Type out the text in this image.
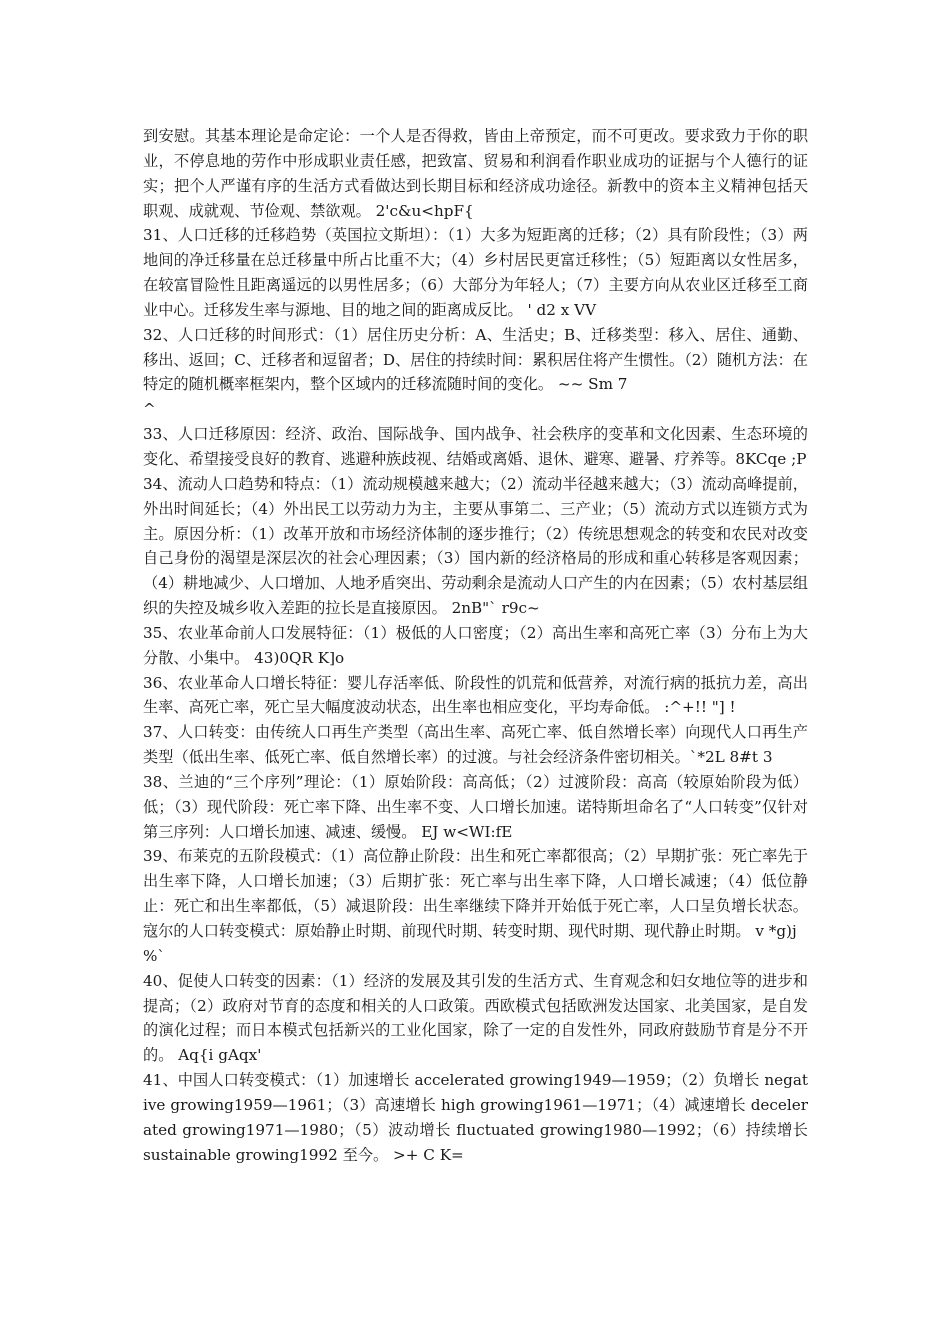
到安慰。其基本理论是命定论：一个人是否得救，皆由上帝预定，而不可更改。要求致力于你的职业，不停息地的劳作中形成职业责任感，把致富、贸易和利润看作职业成功的证据与个人德行的证实；把个人严谨有序的生活方式看做达到长期目标和经济成功途径。新教中的资本主义精神包括天职观、成就观、节俭观、禁欲观。 2'c&u<hpF{

31、人口迁移的迁移趋势（英国拉文斯坦）：（1）大多为短距离的迁移；（2）具有阶段性；（3）两地间的净迁移量在总迁移量中所占比重不大；（4）乡村居民更富迁移性；（5）短距离以女性居多，在较富冒险性且距离遥远的以男性居多；（6）大部分为年轻人；（7）主要方向从农业区迁移至工商业中心。迁移发生率与源地、目的地之间的距离成反比。 ' d2 x VV

32、人口迁移的时间形式：（1）居住历史分析：A、生活史；B、迁移类型：移入、居住、通勤、移出、返回；C、迁移者和逗留者；D、居住的持续时间：累积居住将产生惯性。（2）随机方法：在特定的随机概率框架内，整个区域内的迁移流随时间的变化。 ~~ Sm 7

^

33、人口迁移原因：经济、政治、国际战争、国内战争、社会秩序的变革和文化因素、生态环境的变化、希望接受良好的教育、逃避种族歧视、结婚或离婚、退休、避寒、避暑、疗养等。8KCqe ;P

34、流动人口趋势和特点：（1）流动规模越来越大；（2）流动半径越来越大；（3）流动高峰提前，外出时间延长；（4）外出民工以劳动力为主，主要从事第二、三产业；（5）流动方式以连锁方式为主。原因分析：（1）改革开放和市场经济体制的逐步推行；（2）传统思想观念的转变和农民对改变自己身份的渴望是深层次的社会心理因素；（3）国内新的经济格局的形成和重心转移是客观因素；（4）耕地减少、人口增加、人地矛盾突出、劳动剩余是流动人口产生的内在因素；（5）农村基层组织的失控及城乡收入差距的拉长是直接原因。 2nB"` r9c~

35、农业革命前人口发展特征：（1）极低的人口密度；（2）高出生率和高死亡率（3）分布上为大分散、小集中。 43)0QR K]o

36、农业革命人口增长特征：婴儿存活率低、阶段性的饥荒和低营养，对流行病的抵抗力差，高出生率、高死亡率，死亡呈大幅度波动状态，出生率也相应变化，平均寿命低。 :^+!! "] !

37、人口转变：由传统人口再生产类型（高出生率、高死亡率、低自然增长率）向现代人口再生产类型（低出生率、低死亡率、低自然增长率）的过渡。与社会经济条件密切相关。`*2L 8#t 3

38、兰迪的“三个序列”理论：（1）原始阶段：高高低；（2）过渡阶段：高高（较原始阶段为低）低；（3）现代阶段：死亡率下降、出生率不变、人口增长加速。诺特斯坦命名了“人口转变”仅针对第三序列：人口增长加速、减速、缓慢。 EJ w<WI:fE

39、布莱克的五阶段模式：（1）高位静止阶段：出生和死亡率都很高；（2）早期扩张：死亡率先于出生率下降，人口增长加速；（3）后期扩张：死亡率与出生率下降，人口增长减速；（4）低位静止：死亡和出生率都低，（5）减退阶段：出生率继续下降并开始低于死亡率，人口呈负增长状态。寇尔的人口转变模式：原始静止时期、前现代时期、转变时期、现代时期、现代静止时期。 v *g)j

%`

40、促使人口转变的因素：（1）经济的发展及其引发的生活方式、生育观念和妇女地位等的进步和提高；（2）政府对节育的态度和相关的人口政策。西欧模式包括欧洲发达国家、北美国家，是自发的演化过程；而日本模式包括新兴的工业化国家，除了一定的自发性外，同政府鼓励节育是分不开的。 Aq{i gAqx'

41、中国人口转变模式：（1）加速增长 accelerated growing1949—1959；（2）负增长 negative growing1959—1961；（3）高速增长 high growing1961—1971；（4）减速增长 decelerated growing1971—1980；（5）波动增长 fluctuated growing1980—1992；（6）持续增长 sustainable growing1992 至今。 >+ C K=
